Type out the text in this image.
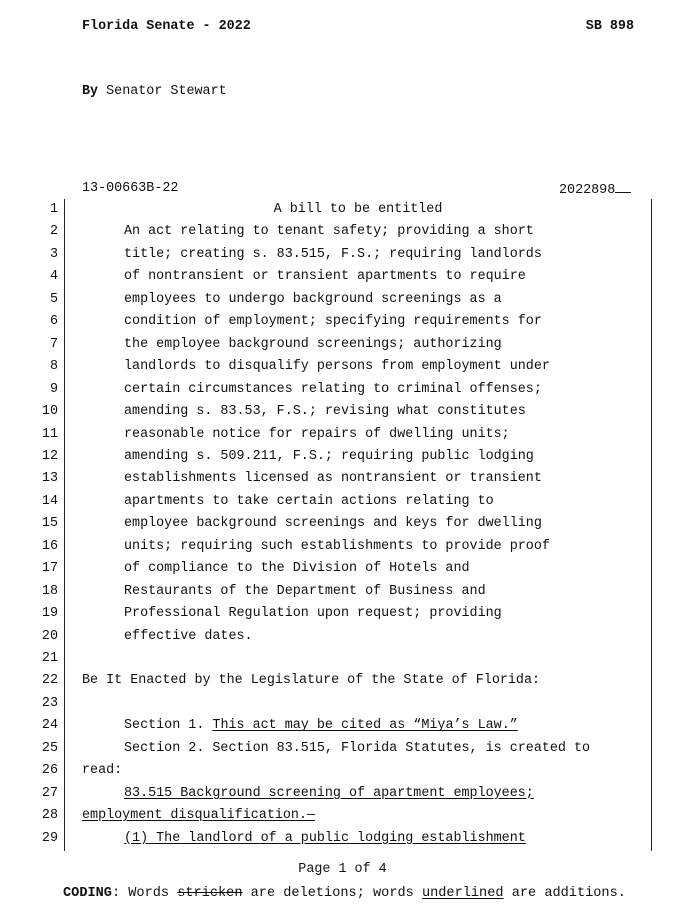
Florida Senate - 2022	SB 898
By Senator Stewart
13-00663B-22	2022898
1	A bill to be entitled
2	An act relating to tenant safety; providing a short
3	title; creating s. 83.515, F.S.; requiring landlords
4	of nontransient or transient apartments to require
5	employees to undergo background screenings as a
6	condition of employment; specifying requirements for
7	the employee background screenings; authorizing
8	landlords to disqualify persons from employment under
9	certain circumstances relating to criminal offenses;
10	amending s. 83.53, F.S.; revising what constitutes
11	reasonable notice for repairs of dwelling units;
12	amending s. 509.211, F.S.; requiring public lodging
13	establishments licensed as nontransient or transient
14	apartments to take certain actions relating to
15	employee background screenings and keys for dwelling
16	units; requiring such establishments to provide proof
17	of compliance to the Division of Hotels and
18	Restaurants of the Department of Business and
19	Professional Regulation upon request; providing
20	effective dates.
21
22 Be It Enacted by the Legislature of the State of Florida:
23
24	Section 1. This act may be cited as “Miya’s Law.”
25	Section 2. Section 83.515, Florida Statutes, is created to
26 read:
27	83.515 Background screening of apartment employees;
28 employment disqualification.—
29	(1) The landlord of a public lodging establishment
Page 1 of 4
CODING: Words stricken are deletions; words underlined are additions.
